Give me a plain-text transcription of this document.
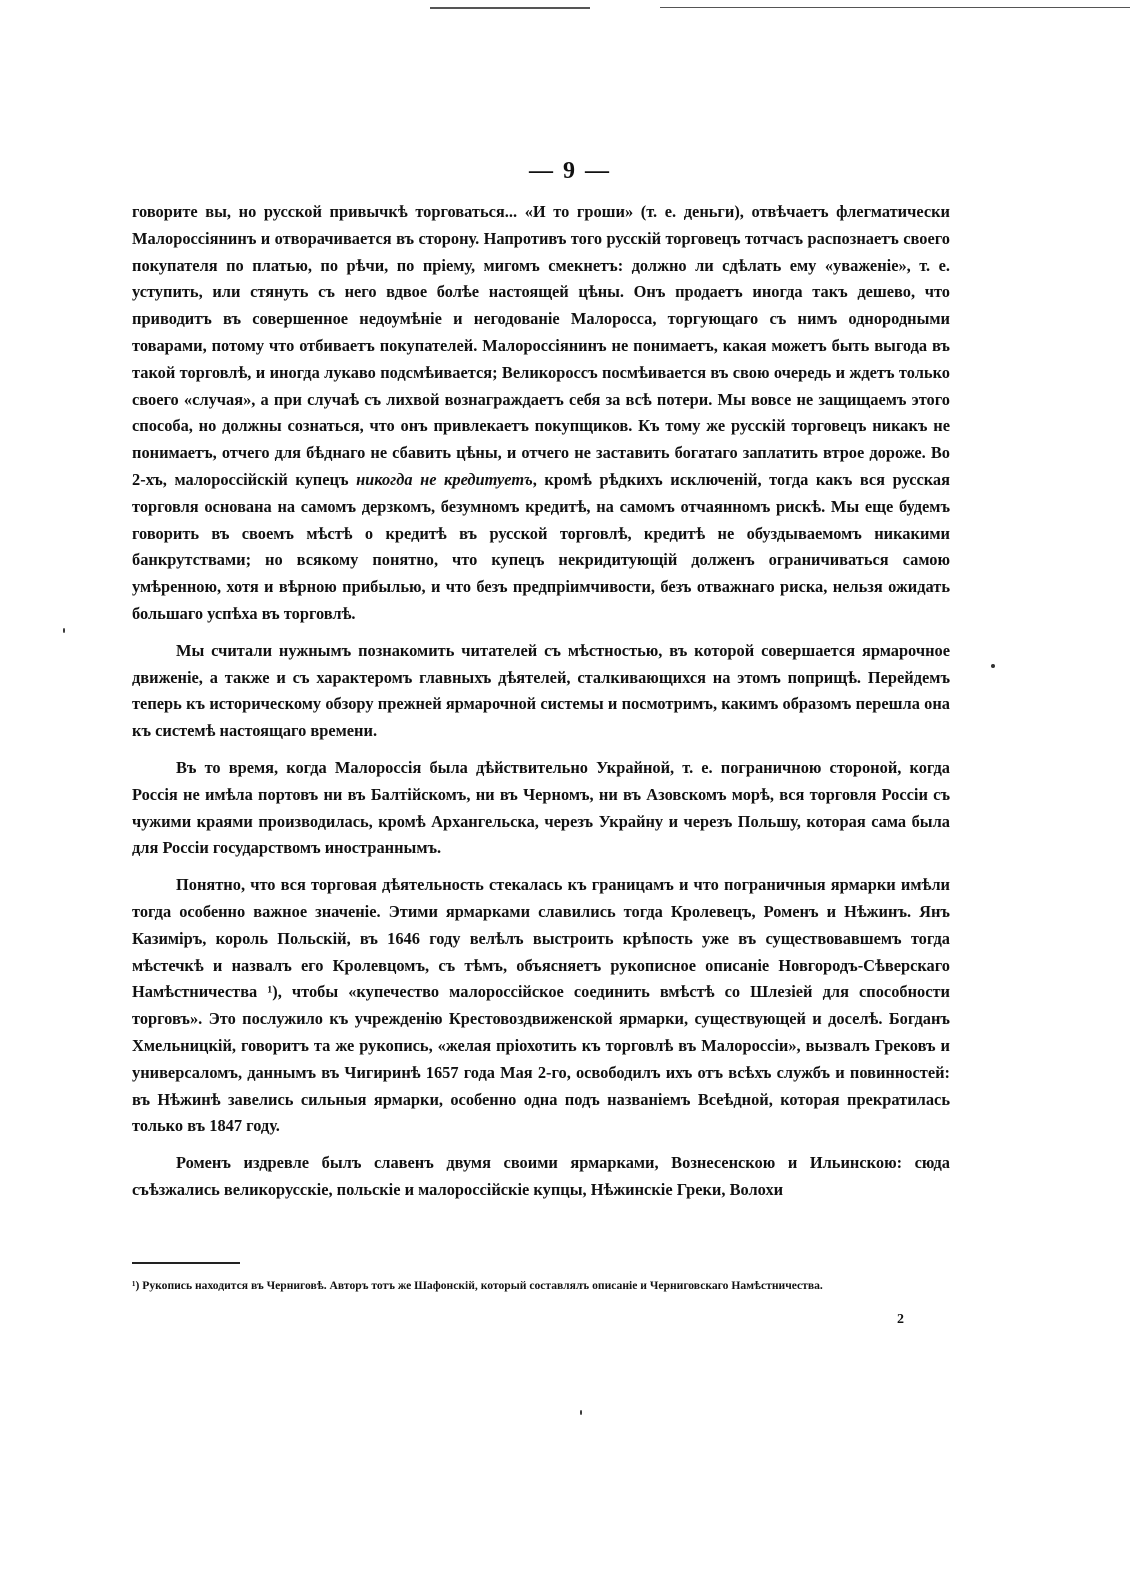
— 9 —

говорите вы, но русской привычкѣ торговаться... «И то гроши» (т. е. деньги), отвѣчаетъ флегматически Малороссіянинъ и отворачивается въ сторону. Напротивъ того русскій торговецъ тотчасъ распознаетъ своего покупателя по платью, по рѣчи, по пріему, мигомъ смекнетъ: должно ли сдѣлать ему «уваженіе», т. е. уступить, или стянуть съ него вдвое болѣе настоящей цѣны. Онъ продаетъ иногда такъ дешево, что приводитъ въ совершенное недоумѣніе и негодованіе Малоросса, торгующаго съ нимъ однородными товарами, потому что отбиваетъ покупателей. Малороссіянинъ не понимаетъ, какая можетъ быть выгода въ такой торговлѣ, и иногда лукаво подсмѣивается; Великороссъ посмѣивается въ свою очередь и ждетъ только своего «случая», а при случаѣ съ лихвой вознаграждаетъ себя за всѣ потери. Мы вовсе не защищаемъ этого способа, но должны сознаться, что онъ привлекаетъ покупщиков. Къ тому же русскій торговецъ никакъ не понимаетъ, отчего для бѣднаго не сбавить цѣны, и отчего не заставить богатаго заплатить втрое дороже. Во 2-хъ, малороссійскій купецъ никогда не кредитуетъ, кромѣ рѣдкихъ исключеній, тогда какъ вся русская торговля основана на самомъ дерзкомъ, безумномъ кредитѣ, на самомъ отчаянномъ рискѣ. Мы еще будемъ говорить въ своемъ мѣстѣ о кредитѣ въ русской торговлѣ, кредитѣ не обуздываемомъ никакими банкрутствами; но всякому понятно, что купецъ некридитующій долженъ ограничиваться самою умѣренною, хотя и вѣрною прибылью, и что безъ предпріимчивости, безъ отважнаго риска, нельзя ожидать большаго успѣха въ торговлѣ.

Мы считали нужнымъ познакомить читателей съ мѣстностью, въ которой совершается ярмарочное движеніе, а также и съ характеромъ главныхъ дѣятелей, сталкивающихся на этомъ поприщѣ. Перейдемъ теперь къ историческому обзору прежней ярмарочной системы и посмотримъ, какимъ образомъ перешла она къ системѣ настоящаго времени.

Въ то время, когда Малороссія была дѣйствительно Украйной, т. е. пограничною стороной, когда Россія не имѣла портовъ ни въ Балтійскомъ, ни въ Черномъ, ни въ Азовскомъ морѣ, вся торговля Россіи съ чужими краями производилась, кромѣ Архангельска, черезъ Украйну и черезъ Польшу, которая сама была для Россіи государствомъ иностраннымъ.

Понятно, что вся торговая дѣятельность стекалась къ границамъ и что пограничныя ярмарки имѣли тогда особенно важное значеніе. Этими ярмарками славились тогда Кролевецъ, Роменъ и Нѣжинъ. Янъ Казиміръ, король Польскій, въ 1646 году велѣлъ выстроить крѣпость уже въ существовавшемъ тогда мѣстечкѣ и назвалъ его Кролевцомъ, съ тѣмъ, объясняетъ рукописное описаніе Новгородъ-Сѣверскаго Намѣстничества ¹), чтобы «купечество малороссійское соединить вмѣстѣ со Шлезіей для способности торговъ». Это послужило къ учрежденію Крестовоздвиженской ярмарки, существующей и доселѣ. Богданъ Хмельницкій, говоритъ та же рукопись, «желая пріохотить къ торговлѣ въ Малороссіи», вызвалъ Грековъ и универсаломъ, даннымъ въ Чигиринѣ 1657 года Мая 2-го, освободилъ ихъ отъ всѣхъ службъ и повинностей: въ Нѣжинѣ завелись сильныя ярмарки, особенно одна подъ названіемъ Всеѣдной, которая прекратилась только въ 1847 году.

Роменъ издревле былъ славенъ двумя своими ярмарками, Вознесенскою и Ильинскою: сюда съѣзжались великорусскіе, польскіе и малороссійскіе купцы, Нѣжинскіе Греки, Волохи

¹) Рукопись находится въ Черниговѣ. Авторъ тотъ же Шафонскій, который составлялъ описаніе и Черниговскаго Намѣстничества.

2
